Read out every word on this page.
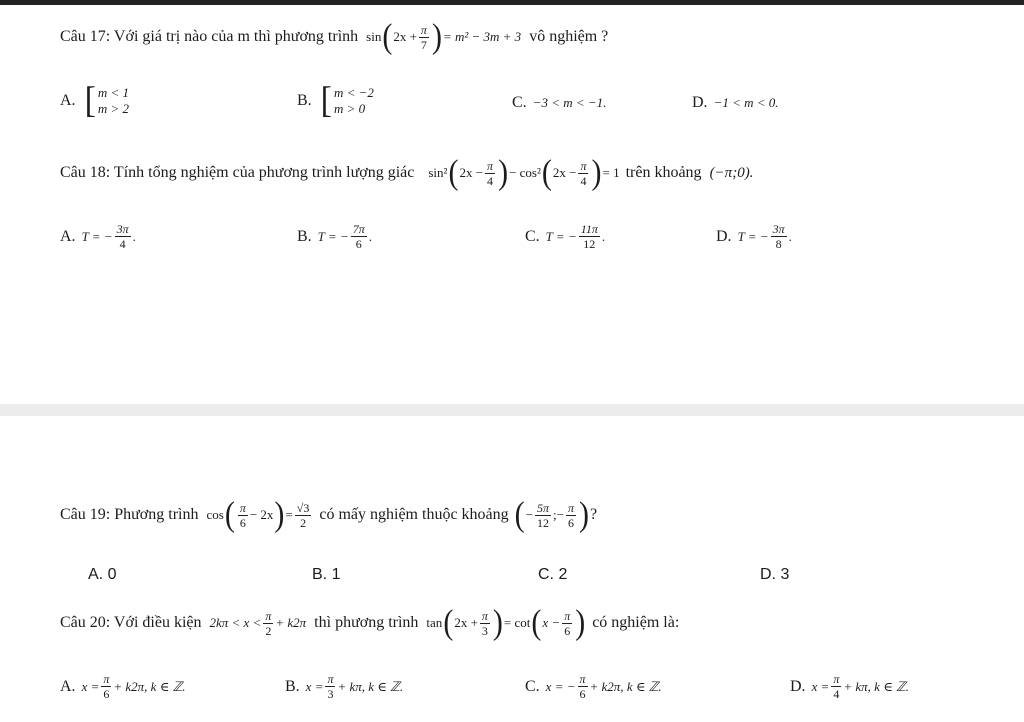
Câu 17: Với giá trị nào của m thì phương trình sin ( $2x + \frac{\pi}{7}$ ) = m² − 3m + 3 vô nghiệm ?
A. [ m < 1
m > 2	B. [ m < −2
m > 0	C. −3 < m < −1.	D. −1 < m < 0.
Câu 18: Tính tổng nghiệm của phương trình lượng giác sin² ( $2x - \frac{\pi}{4}$ ) − cos² ( $2x - \frac{\pi}{4}$ ) = 1 trên khoảng (−π;0).
A. T = − $\frac{3\pi}{4}$ .	B. T = − $\frac{7\pi}{6}$ .	C. T = − $\frac{11\pi}{12}$ .	D. T = − $\frac{3\pi}{8}$ .
Câu 19: Phương trình cos ( $\frac{\pi}{6} - 2x$ ) = $\frac{√3}{2}$ có mấy nghiệm thuộc khoảng ( − $\frac{5\pi}{12}$ ;− $\frac{\pi}{6}$ ) ?
A. 0	B. 1	C. 2	D. 3
Câu 20: Với điều kiện $2k\pi < x < \frac{\pi}{2} + k2\pi$ thì phương trình tan ( $2x + \frac{\pi}{3}$ ) = cot ( $x - \frac{\pi}{6}$ ) có nghiệm là:
A. $x = \frac{\pi}{6} + k2\pi$, k ∈ ℤ.	B. $x = \frac{\pi}{3} + k\pi$, k ∈ ℤ.	C. x = − $\frac{\pi}{6} + k2\pi$, k ∈ ℤ.	D. $x = \frac{\pi}{4} + k\pi$, k ∈ ℤ.
